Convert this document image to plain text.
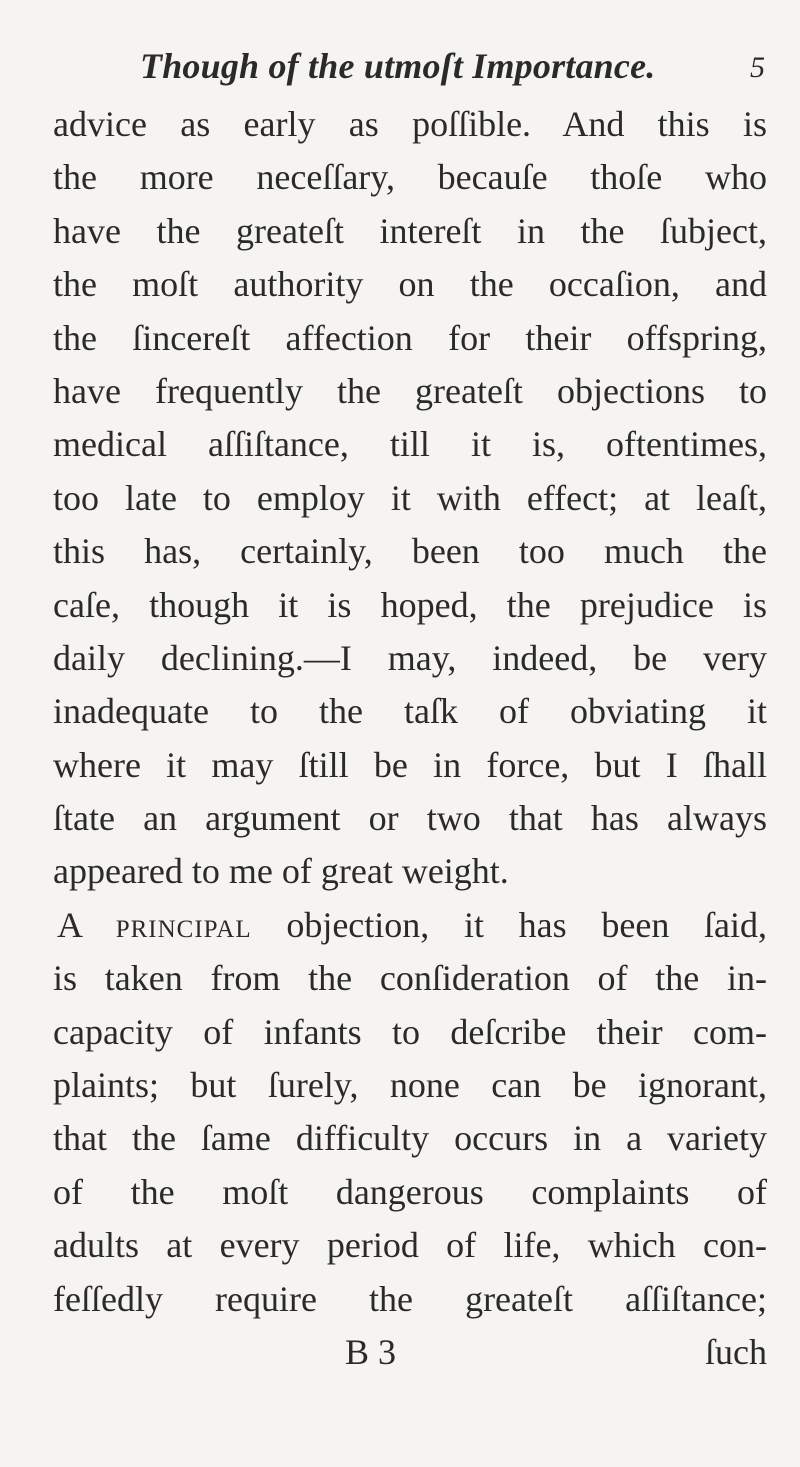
Though of the utmoſt Importance.	5
advice as early as poſſible. And this is
the more neceſſary, becauſe thoſe who
have the greateſt intereſt in the ſubject,
the moſt authority on the occaſion, and
the ſincereſt affection for their offspring,
have frequently the greateſt objections to
medical aſſiſtance, till it is, oftentimes,
too late to employ it with effect; at leaſt,
this has, certainly, been too much the
caſe, though it is hoped, the prejudice is
daily declining.—I may, indeed, be very
inadequate to the taſk of obviating it
where it may ſtill be in force, but I ſhall
ſtate an argument or two that has always
appeared to me of great weight.
A principal objection, it has been ſaid,
is taken from the conſideration of the in-
capacity of infants to deſcribe their com-
plaints; but ſurely, none can be ignorant,
that the ſame difficulty occurs in a variety
of the moſt dangerous complaints of
adults at every period of life, which con-
feſſedly require the greateſt aſſiſtance;
B 3	ſuch
